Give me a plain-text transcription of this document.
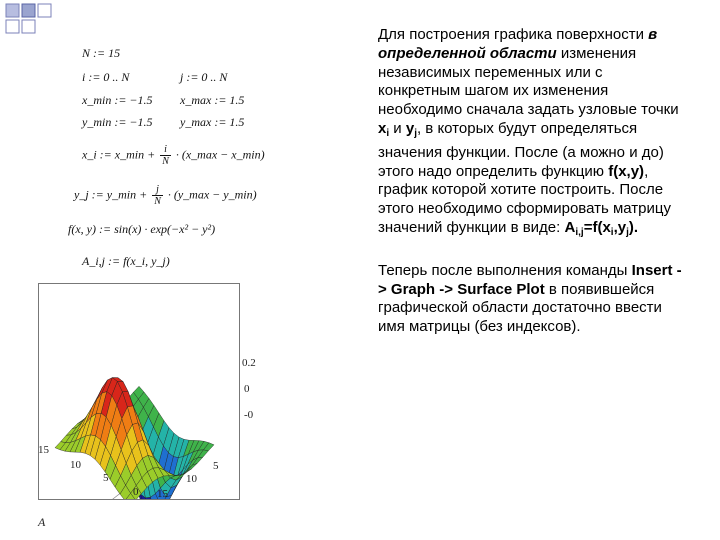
N := 15
i := 0 .. N	j := 0 .. N
x_min := −1.5 x_max := 1.5
y_min := −1.5 y_max := 1.5
x_i := x_min + $\frac{i}{N}$ · (x_max − x_min)
y_j := y_min + $\frac{j}{N}$ · (y_max − y_min)
f(x, y) := sin(x) · exp(−x² − y²)
A_i,j := f(x_i, y_j)
0.2
0
-0
15
10
5
0
5
10
15
A

Для построения графика поверхности в определенной области изменения независимых переменных или с конкретным шагом их изменения необходимо сначала задать узловые точки $x_i$ и $y_j$, в которых будут определяться значения функции. После (а можно и до) этого надо определить функцию f(x,y), график которой хотите построить. После этого необходимо сформировать матрицу значений функции в виде: $A_{i,j}=f(x_i,y_j)$.

Теперь после выполнения команды Insert -> Graph -> Surface Plot в появившейся графической области достаточно ввести имя матрицы (без индексов).
